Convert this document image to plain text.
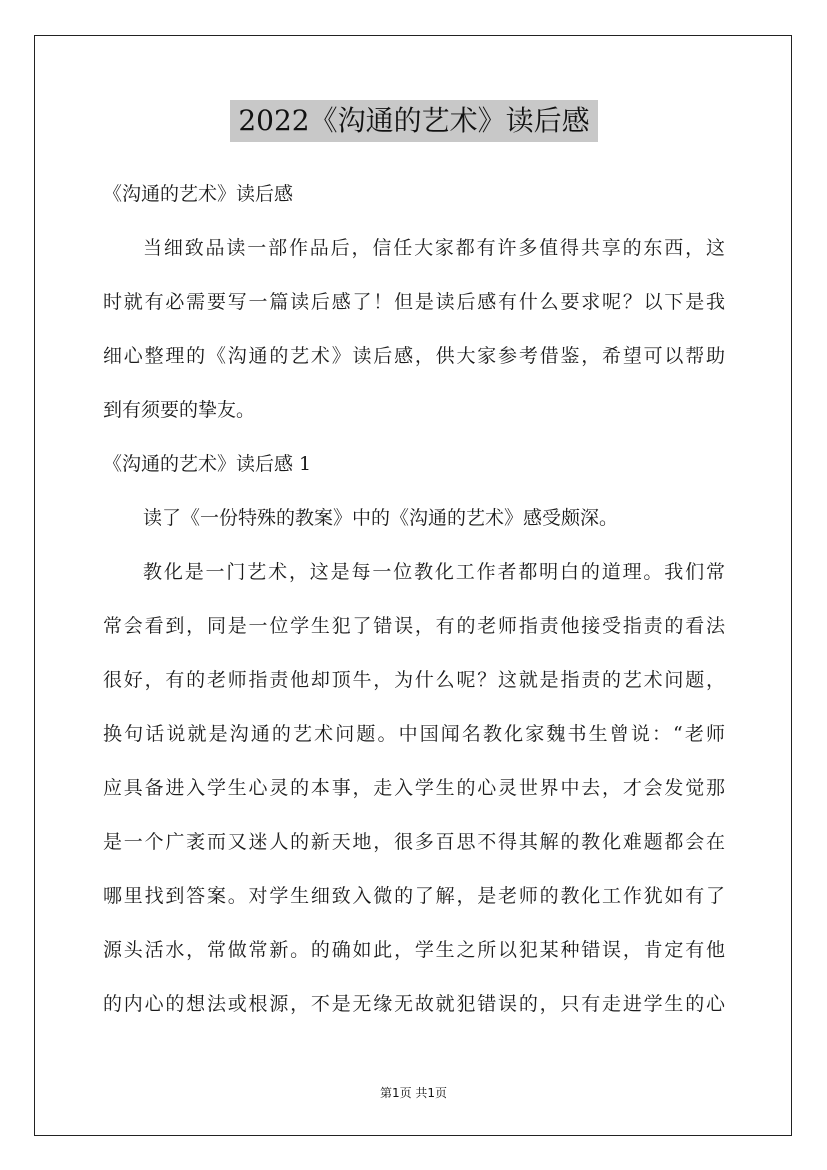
2022《沟通的艺术》读后感
《沟通的艺术》读后感
当细致品读一部作品后，信任大家都有许多值得共享的东西，这
时就有必需要写一篇读后感了！但是读后感有什么要求呢？以下是我
细心整理的《沟通的艺术》读后感，供大家参考借鉴，希望可以帮助
到有须要的挚友。
《沟通的艺术》读后感 1
读了《一份特殊的教案》中的《沟通的艺术》感受颇深。
教化是一门艺术，这是每一位教化工作者都明白的道理。我们常
常会看到，同是一位学生犯了错误，有的老师指责他接受指责的看法
很好，有的老师指责他却顶牛，为什么呢？这就是指责的艺术问题，
换句话说就是沟通的艺术问题。中国闻名教化家魏书生曾说：“老师
应具备进入学生心灵的本事，走入学生的心灵世界中去，才会发觉那
是一个广袤而又迷人的新天地，很多百思不得其解的教化难题都会在
哪里找到答案。对学生细致入微的了解，是老师的教化工作犹如有了
源头活水，常做常新。的确如此，学生之所以犯某种错误，肯定有他
的内心的想法或根源，不是无缘无故就犯错误的，只有走进学生的心
第1页 共1页
